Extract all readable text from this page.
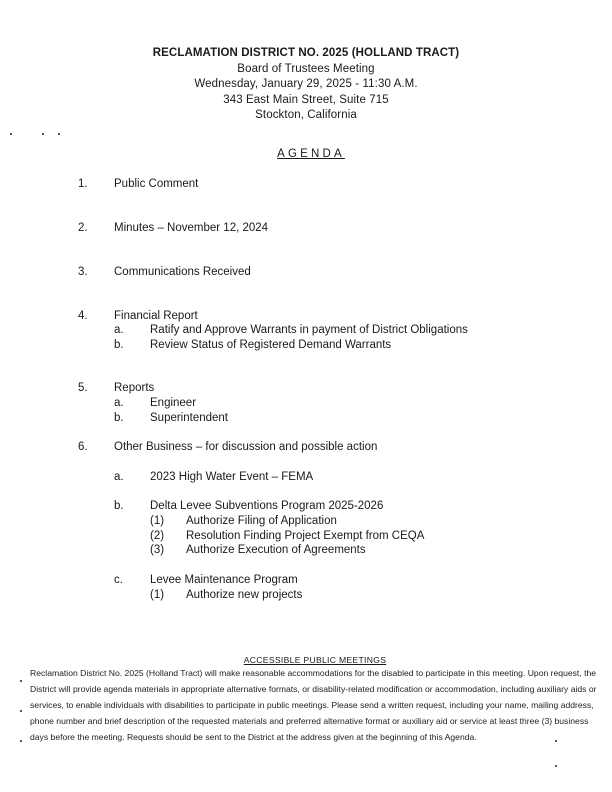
RECLAMATION DISTRICT NO. 2025 (HOLLAND TRACT)
Board of Trustees Meeting
Wednesday, January 29, 2025 - 11:30 A.M.
343 East Main Street, Suite 715
Stockton, California
AGENDA
1. Public Comment
2. Minutes – November 12, 2024
3. Communications Received
4. Financial Report
a. Ratify and Approve Warrants in payment of District Obligations
b. Review Status of Registered Demand Warrants
5. Reports
a. Engineer
b. Superintendent
6. Other Business – for discussion and possible action
a. 2023 High Water Event – FEMA
b. Delta Levee Subventions Program 2025-2026
(1) Authorize Filing of Application
(2) Resolution Finding Project Exempt from CEQA
(3) Authorize Execution of Agreements
c. Levee Maintenance Program
(1) Authorize new projects
ACCESSIBLE PUBLIC MEETINGS
Reclamation District No. 2025 (Holland Tract) will make reasonable accommodations for the disabled to participate in this meeting. Upon request, the District will provide agenda materials in appropriate alternative formats, or disability-related modification or accommodation, including auxiliary aids or services, to enable individuals with disabilities to participate in public meetings. Please send a written request, including your name, mailing address, phone number and brief description of the requested materials and preferred alternative format or auxiliary aid or service at least three (3) business days before the meeting. Requests should be sent to the District at the address given at the beginning of this Agenda.
